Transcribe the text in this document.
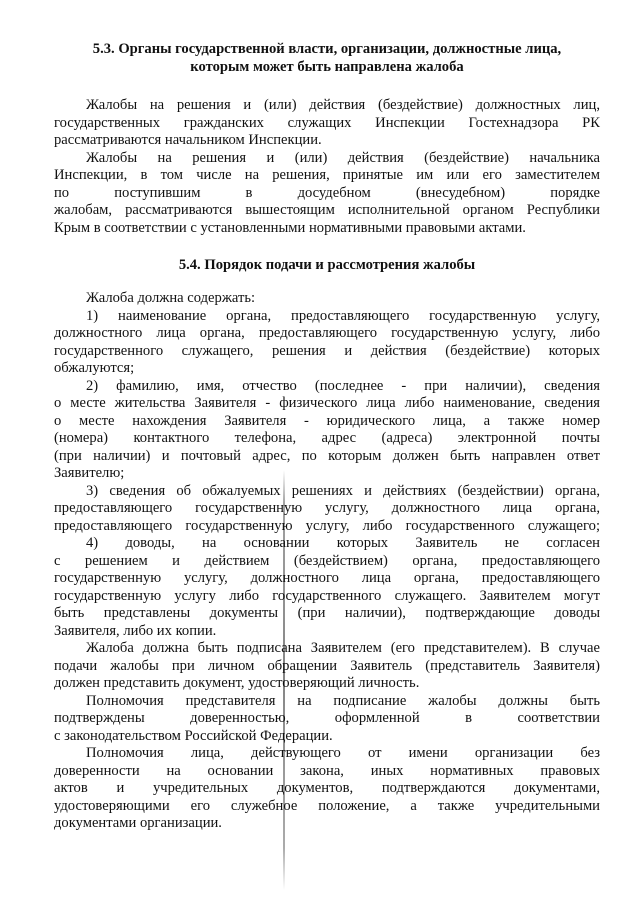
5.3. Органы государственной власти, организации, должностные лица,
которым может быть направлена жалоба
Жалобы на решения и (или) действия (бездействие) должностных лиц,
государственных гражданских служащих Инспекции Гостехнадзора РК
рассматриваются начальником Инспекции.
Жалобы на решения и (или) действия (бездействие) начальника
Инспекции, в том числе на решения, принятые им или его заместителем
по поступившим в досудебном (внесудебном) порядке
жалобам, рассматриваются вышестоящим исполнительной органом Республики
Крым в соответствии с установленными нормативными правовыми актами.
5.4. Порядок подачи и рассмотрения жалобы
Жалоба должна содержать:
1) наименование органа, предоставляющего государственную услугу,
должностного лица органа, предоставляющего государственную услугу, либо
государственного служащего, решения и действия (бездействие) которых
обжалуются;
2) фамилию, имя, отчество (последнее - при наличии), сведения
о месте жительства Заявителя - физического лица либо наименование, сведения
о месте нахождения Заявителя - юридического лица, а также номер
(номера) контактного телефона, адрес (адреса) электронной почты
(при наличии) и почтовый адрес, по которым должен быть направлен ответ
Заявителю;
3) сведения об обжалуемых решениях и действиях (бездействии) органа,
предоставляющего государственную услугу, должностного лица органа,
предоставляющего государственную услугу, либо государственного служащего;
4) доводы, на основании которых Заявитель не согласен
с решением и действием (бездействием) органа, предоставляющего
государственную услугу, должностного лица органа, предоставляющего
государственную услугу либо государственного служащего. Заявителем могут
быть представлены документы (при наличии), подтверждающие доводы
Заявителя, либо их копии.
Жалоба должна быть подписана Заявителем (его представителем). В случае
подачи жалобы при личном обращении Заявитель (представитель Заявителя)
должен представить документ, удостоверяющий личность.
Полномочия представителя на подписание жалобы должны быть
подтверждены доверенностью, оформленной в соответствии
с законодательством Российской Федерации.
Полномочия лица, действующего от имени организации без
доверенности на основании закона, иных нормативных правовых
актов и учредительных документов, подтверждаются документами,
удостоверяющими его служебное положение, а также учредительными
документами организации.
